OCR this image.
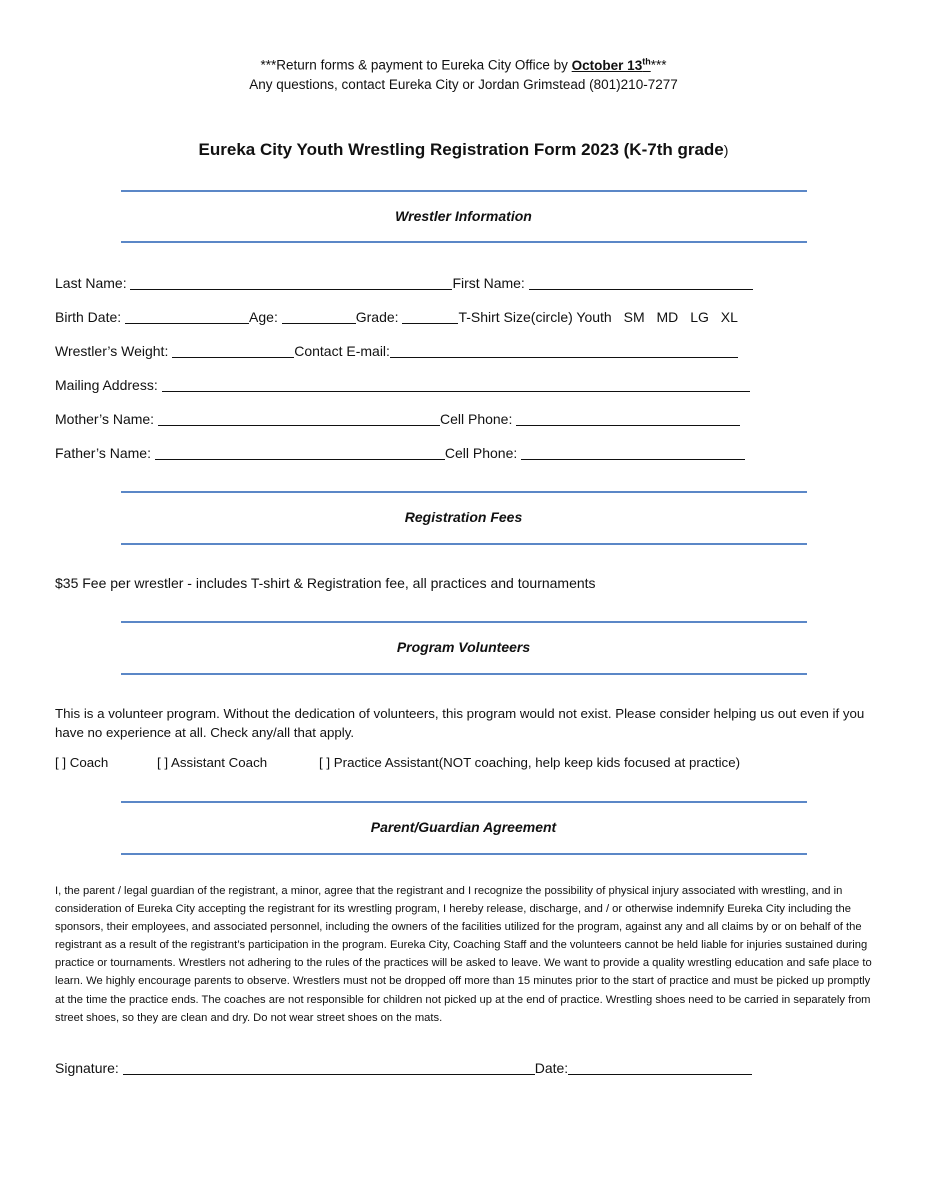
***Return forms & payment to Eureka City Office by October 13th***
Any questions, contact Eureka City or Jordan Grimstead (801)210-7277
Eureka City Youth Wrestling Registration Form 2023 (K-7th grade)
Wrestler Information
Last Name:	First Name:
Birth Date:	Age:	Grade:	T-Shirt Size(circle) Youth SM MD LG XL
Wrestler’s Weight:	Contact E-mail:
Mailing Address:
Mother’s Name:	Cell Phone:
Father’s Name:	Cell Phone:
Registration Fees
$35 Fee per wrestler - includes T-shirt & Registration fee, all practices and tournaments
Program Volunteers
This is a volunteer program. Without the dedication of volunteers, this program would not exist. Please consider helping us out even if you have no experience at all. Check any/all that apply.
[ ] Coach	[ ] Assistant Coach	[ ] Practice Assistant(NOT coaching, help keep kids focused at practice)
Parent/Guardian Agreement
I, the parent / legal guardian of the registrant, a minor, agree that the registrant and I recognize the possibility of physical injury associated with wrestling, and in consideration of Eureka City accepting the registrant for its wrestling program, I hereby release, discharge, and / or otherwise indemnify Eureka City including the sponsors, their employees, and associated personnel, including the owners of the facilities utilized for the program, against any and all claims by or on behalf of the registrant as a result of the registrant’s participation in the program. Eureka City, Coaching Staff and the volunteers cannot be held liable for injuries sustained during practice or tournaments. Wrestlers not adhering to the rules of the practices will be asked to leave. We want to provide a quality wrestling education and safe place to learn. We highly encourage parents to observe. Wrestlers must not be dropped off more than 15 minutes prior to the start of practice and must be picked up promptly at the time the practice ends. The coaches are not responsible for children not picked up at the end of practice. Wrestling shoes need to be carried in separately from street shoes, so they are clean and dry. Do not wear street shoes on the mats.
Signature:	Date:
